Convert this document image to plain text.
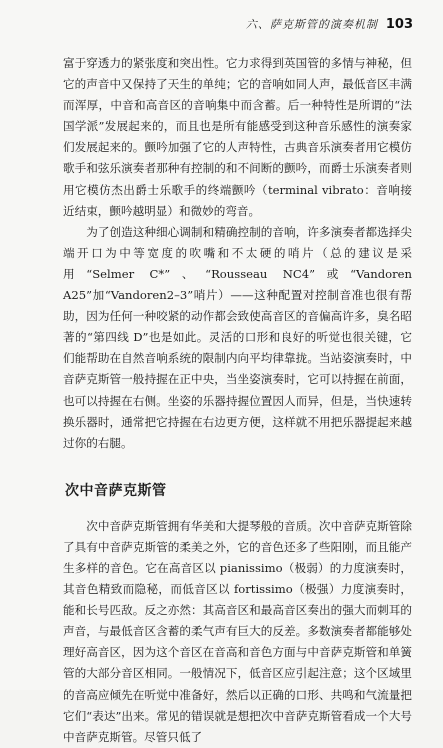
六、萨克斯管的演奏机制 103

富于穿透力的紧张度和突出性。它力求得到英国管的多情与神秘，但它的声音中又保持了天生的单纯；它的音响如同人声，最低音区丰满而浑厚，中音和高音区的音响集中而含蓄。后一种特性是所谓的“法国学派”发展起来的，而且也是所有能感受到这种音乐感性的演奏家们发展起来的。颤吟加强了它的人声特性，古典音乐演奏者用它模仿歌手和弦乐演奏者那种有控制的和不间断的颤吟，而爵士乐演奏者则用它模仿杰出爵士乐歌手的终端颤吟（terminal vibrato：音响接近结束，颤吟越明显）和微妙的弯音。

为了创造这种细心调制和精确控制的音响，许多演奏者都选择尖端开口为中等宽度的吹嘴和不太硬的哨片（总的建议是采用“Selmer C*”、“Rousseau NC4”或“Vandoren A25”加“Vandoren2–3”哨片）——这种配置对控制音准也很有帮助，因为任何一种咬紧的动作都会致使高音区的音偏高许多，臭名昭著的“第四线 D”也是如此。灵活的口形和良好的听觉也很关键，它们能帮助在自然音响系统的限制内向平均律靠拢。当站姿演奏时，中音萨克斯管一般持握在正中央，当坐姿演奏时，它可以持握在前面，也可以持握在右侧。坐姿的乐器持握位置因人而异，但是，当快速转换乐器时，通常把它持握在右边更方便，这样就不用把乐器提起来越过你的右腿。

次中音萨克斯管

次中音萨克斯管拥有华美和大提琴般的音质。次中音萨克斯管除了具有中音萨克斯管的柔美之外，它的音色还多了些阳刚，而且能产生多样的音色。它在高音区以 pianissimo（极弱）的力度演奏时，其音色精致而隐秘，而低音区以 fortissimo（极强）力度演奏时，能和长号匹敌。反之亦然：其高音区和最高音区奏出的强大而刺耳的声音，与最低音区含蓄的柔气声有巨大的反差。多数演奏者都能够处理好高音区，因为这个音区在音高和音色方面与中音萨克斯管和单簧管的大部分音区相同。一般情况下，低音区应引起注意；这个区域里的音高应倾先在听觉中准备好，然后以正确的口形、共鸣和气流量把它们“表达”出来。常见的错误就是想把次中音萨克斯管看成一个大号中音萨克斯管。尽管只低了
